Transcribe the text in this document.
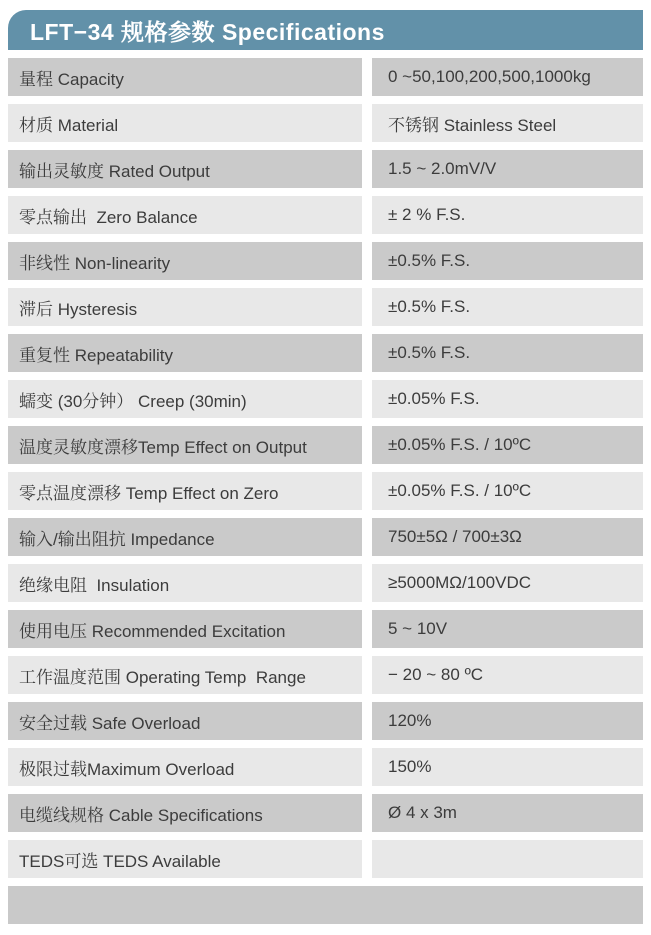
LFT−34 规格参数 Specifications
量程 Capacity	0 ~50,100,200,500,1000kg
材质 Material	不锈钢 Stainless Steel
输出灵敏度 Rated Output	1.5 ~ 2.0mV/V
零点输出  Zero Balance	± 2 % F.S.
非线性 Non-linearity	±0.5% F.S.
滞后 Hysteresis	±0.5% F.S.
重复性 Repeatability	±0.5% F.S.
蠕变 (30分钟） Creep (30min)	±0.05% F.S.
温度灵敏度漂移Temp Effect on Output	±0.05% F.S. / 10ºC
零点温度漂移 Temp Effect on Zero	±0.05% F.S. / 10ºC
输入/输出阻抗 Impedance	750±5Ω / 700±3Ω
绝缘电阻  Insulation	≥5000MΩ/100VDC
使用电压 Recommended Excitation	5 ~ 10V
工作温度范围 Operating Temp  Range	− 20 ~ 80 ºC
安全过载 Safe Overload	120%
极限过载Maximum Overload	150%
电缆线规格 Cable Specifications	Ø 4 x 3m
TEDS可选 TEDS Available
